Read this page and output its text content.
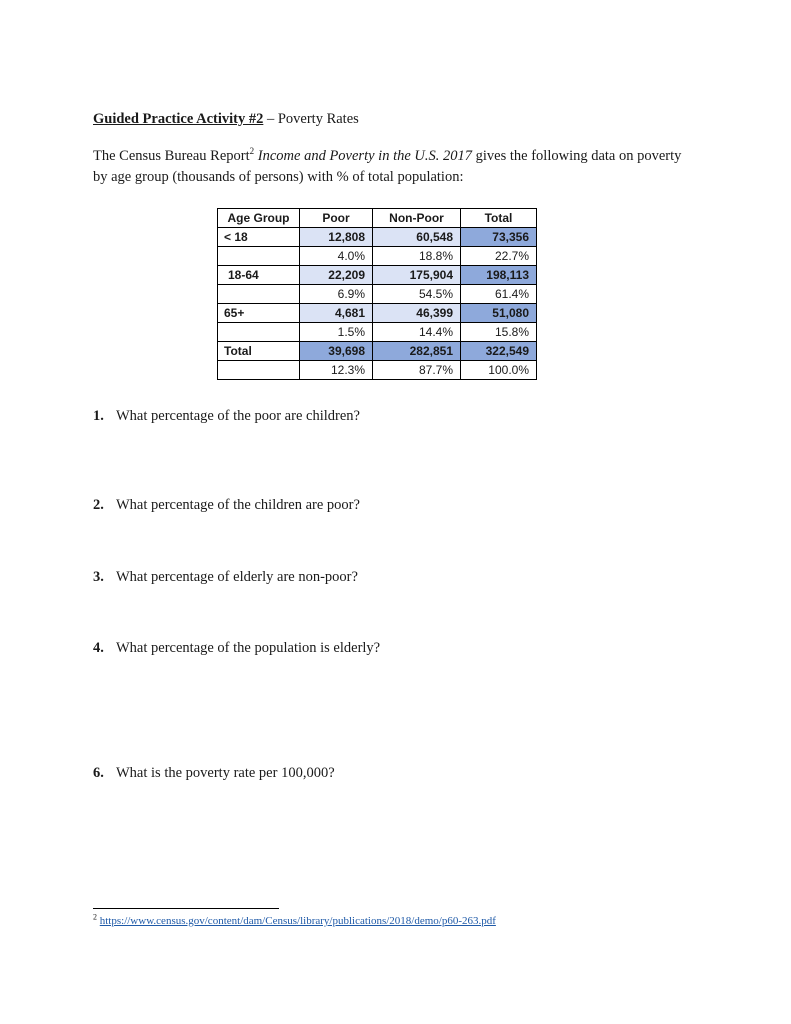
Guided Practice Activity #2 – Poverty Rates
The Census Bureau Report$^2$ Income and Poverty in the U.S. 2017 gives the following data on poverty by age group (thousands of persons) with % of total population:
Age Group	Poor	Non-Poor	Total
< 18	12,808	60,548	73,356
	4.0%	18.8%	22.7%
18-64	22,209	175,904	198,113
	6.9%	54.5%	61.4%
65+	4,681	46,399	51,080
	1.5%	14.4%	15.8%
Total	39,698	282,851	322,549
	12.3%	87.7%	100.0%
1. What percentage of the poor are children?
2. What percentage of the children are poor?
3. What percentage of elderly are non-poor?
4. What percentage of the population is elderly?
6. What is the poverty rate per 100,000?
$^2$ https://www.census.gov/content/dam/Census/library/publications/2018/demo/p60-263.pdf
